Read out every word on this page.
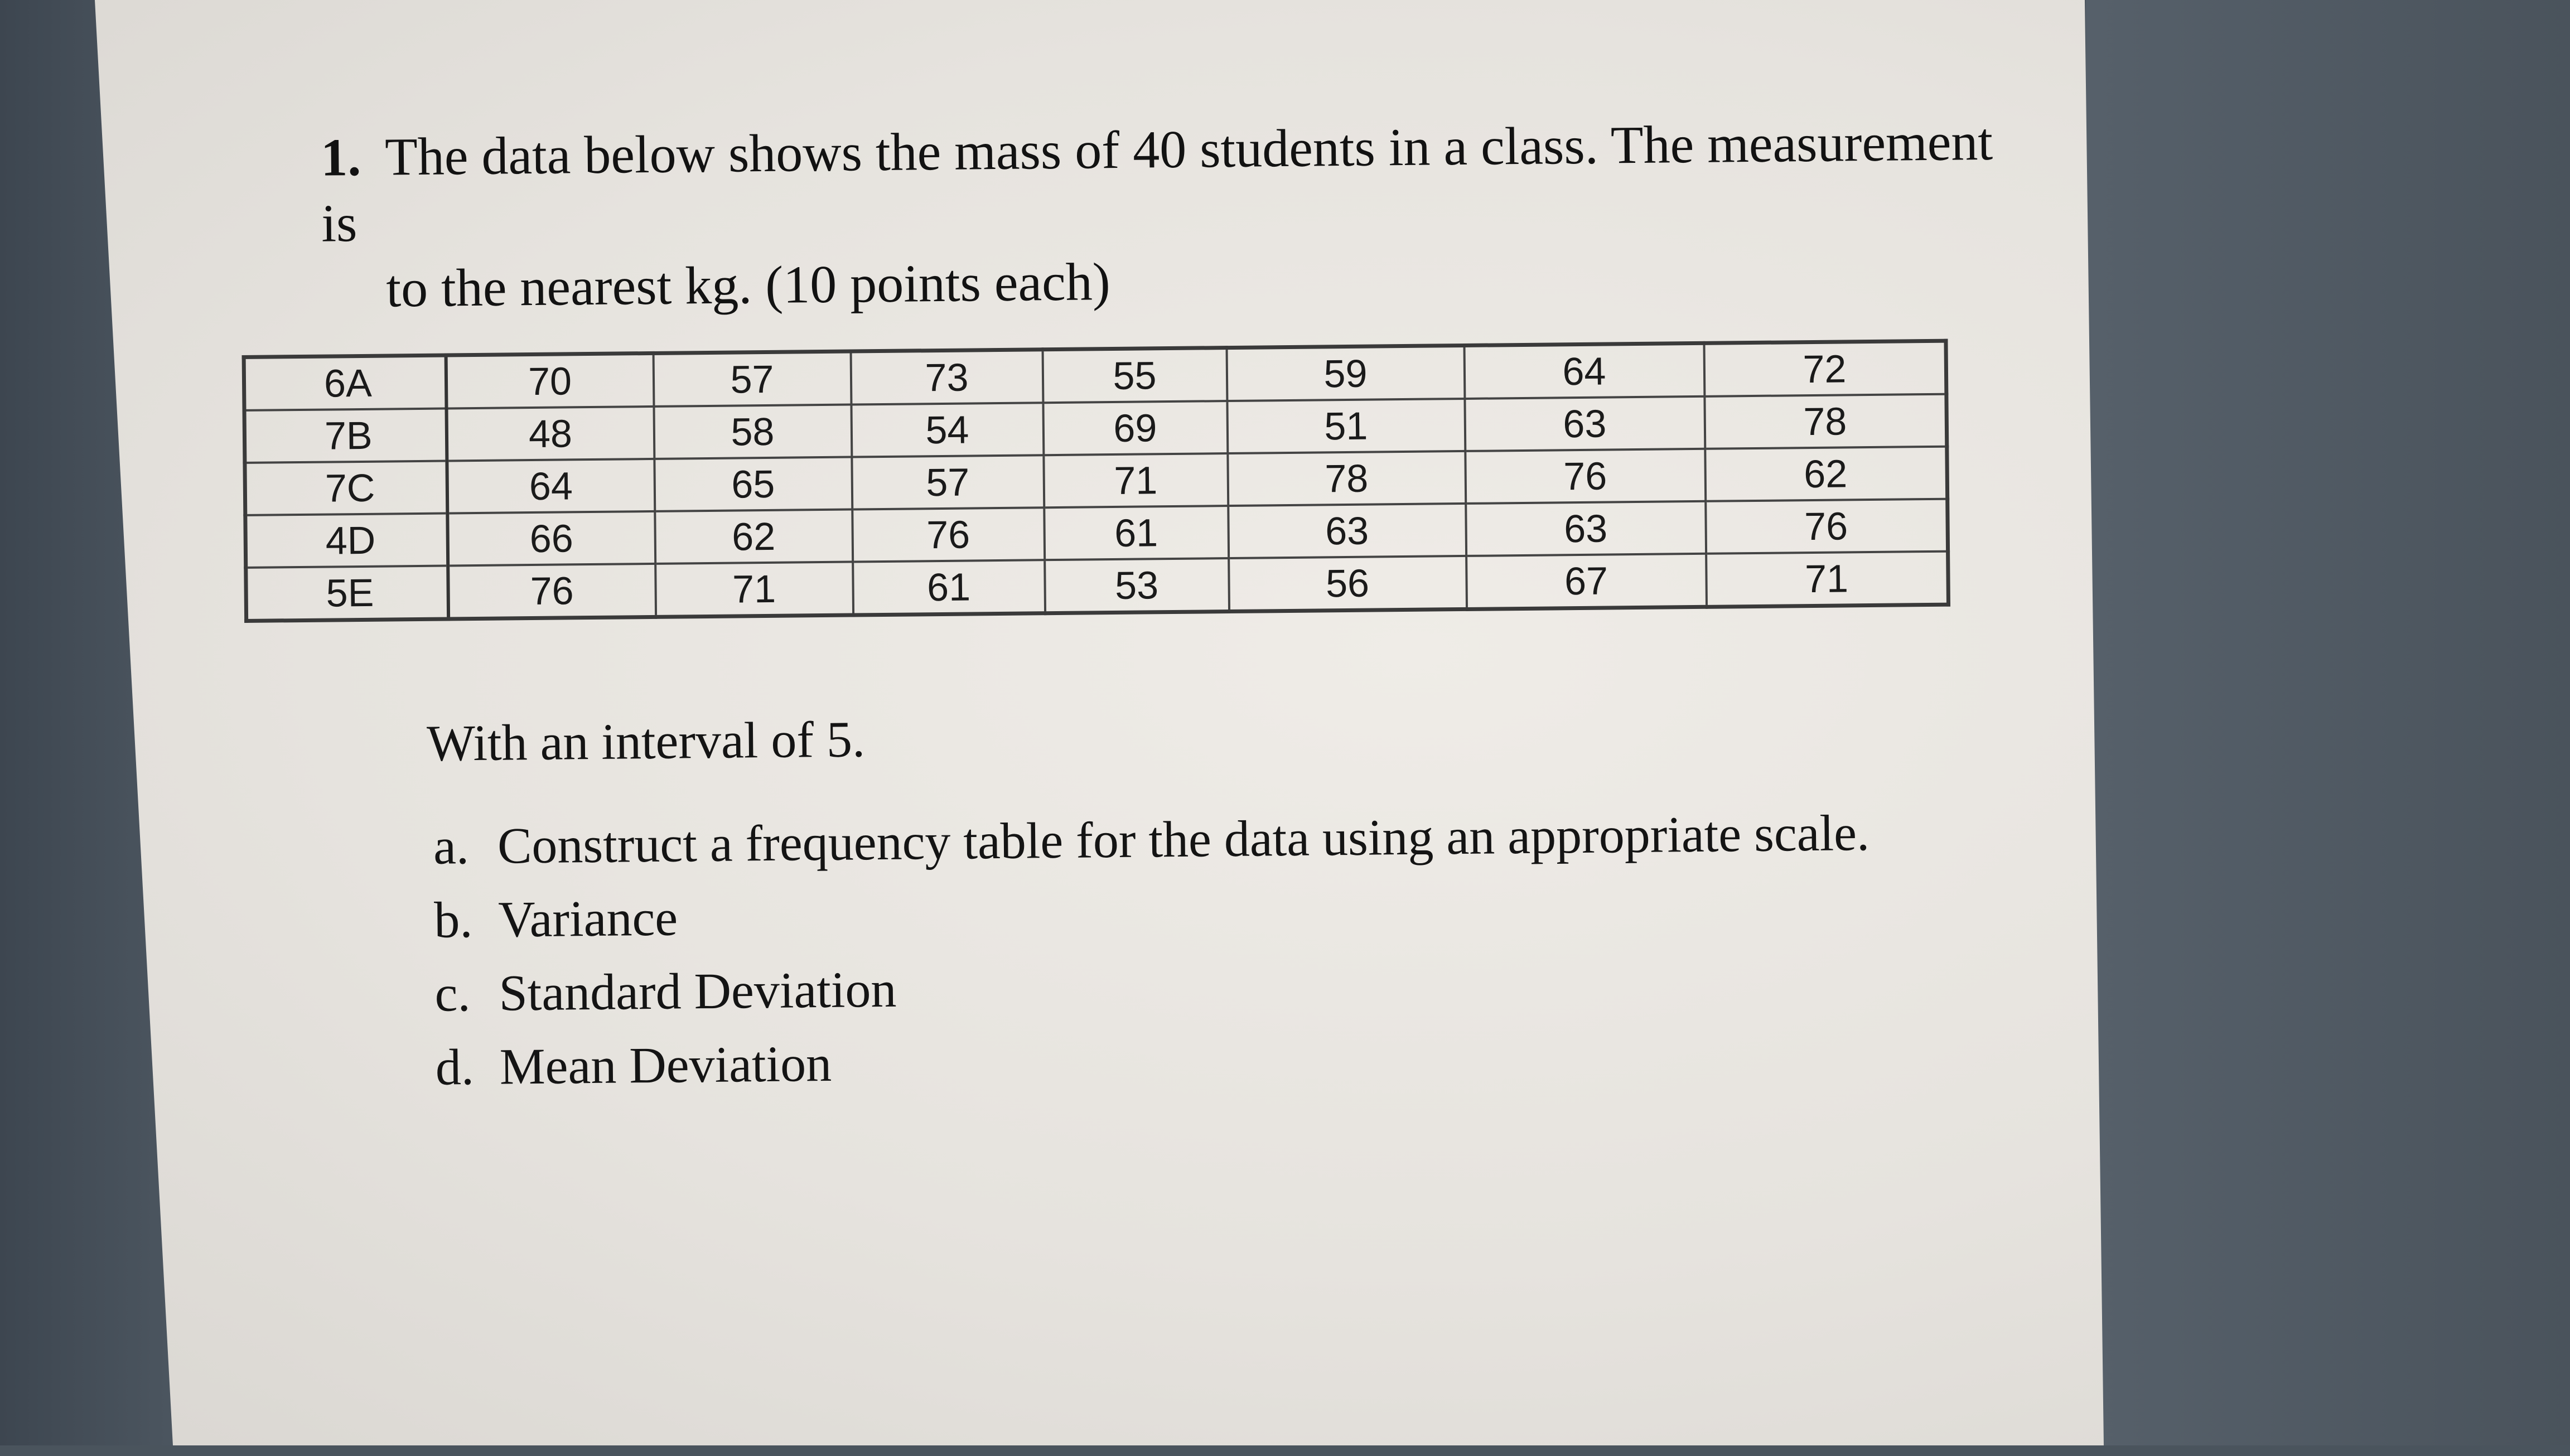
1. The data below shows the mass of 40 students in a class. The measurement is
to the nearest kg. (10 points each)
6A	70	57	73	55	59	64	72
7B	48	58	54	69	51	63	78
7C	64	65	57	71	78	76	62
4D	66	62	76	61	63	63	76
5E	76	71	61	53	56	67	71
With an interval of 5.
a. Construct a frequency table for the data using an appropriate scale.
b. Variance
c. Standard Deviation
d. Mean Deviation
